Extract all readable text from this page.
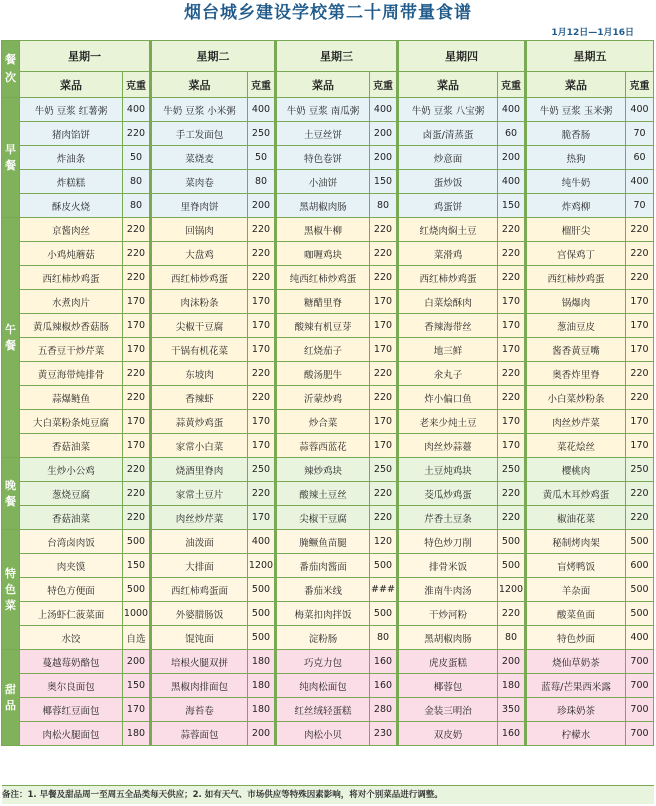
烟台城乡建设学校第二十周带量食谱
1月12日—1月16日
餐
次	星期一		星期二		星期三		星期四		星期五	
	菜品	克重	菜品	克重	菜品	克重	菜品	克重	菜品	克重
早
餐	牛奶 豆浆 红薯粥	400	牛奶 豆浆 小米粥	400	牛奶 豆浆 南瓜粥	400	牛奶 豆浆 八宝粥	400	牛奶 豆浆 玉米粥	400
	猪肉馅饼	220	手工发面包	250	土豆丝饼	200	卤蛋/清蒸蛋	60	脆香肠	70
	炸油条	50	菜烧麦	50	特色卷饼	200	炒意面	200	热狗	60
	炸糕糕	80	菜肉卷	80	小油饼	150	蛋炒饭	400	纯牛奶	400
	酥皮火烧	80	里脊肉饼	200	黑胡椒肉肠	80	鸡蛋饼	150	炸鸡柳	70
午
餐	京酱肉丝	220	回锅肉	220	黑椒牛柳	220	红烧肉焖土豆	220	榴肝尖	220
	小鸡炖蘑菇	220	大盘鸡	220	咖喱鸡块	220	菜滑鸡	220	宫保鸡丁	220
	西红柿炒鸡蛋	220	西红柿炒鸡蛋	220	纯西红柿炒鸡蛋	220	西红柿炒鸡蛋	220	西红柿炒鸡蛋	220
	水煮肉片	170	肉沫粉条	170	糖醋里脊	170	白菜烩酥肉	170	锅爆肉	170
	黄瓜辣椒炒香菇肠	170	尖椒干豆腐	170	酸辣有机豆芽	170	香辣海带丝	170	葱油豆皮	170
	五香豆干炒芹菜	170	干锅有机花菜	170	红烧茄子	170	地三鲜	170	酱香黄豆嘴	170
	黄豆海带炖排骨	220	东坡肉	220	酸汤肥牛	220	氽丸子	220	奥香炸里脊	220
	蒜爆鲢鱼	220	香辣虾	220	沂蒙炒鸡	220	炸小偏口鱼	220	小白菜炒粉条	220
	大白菜粉条炖豆腐	170	蒜黄炒鸡蛋	170	炒合菜	170	老来少炖土豆	170	肉丝炒芹菜	170
	香菇油菜	170	家常小白菜	170	蒜蓉西蓝花	170	肉丝炒蒜薹	170	菜花烩丝	170
晚
餐	生炒小公鸡	220	烧酒里脊肉	250	辣炒鸡块	250	土豆炖鸡块	250	樱桃肉	250
	葱烧豆腐	220	家常土豆片	220	酸辣土豆丝	220	茭瓜炒鸡蛋	220	黄瓜木耳炒鸡蛋	220
	香菇油菜	220	肉丝炒芹菜	170	尖椒干豆腐	220	芹香土豆条	220	椒油花菜	220
特
色
菜	台湾卤肉饭	500	油泼面	400	腌鳜鱼苗腿	120	特色炒刀削	500	秘制烤肉架	500
	肉夹馍	150	大排面	1200	番茄肉酱面	500	排骨米饭	500	盲烤鸭饭	600
	特色方便面	500	西红柿鸡蛋面	500	番茄米线	###	淮南牛肉汤	1200	羊杂面	500
	上汤虾仁菠菜面	1000	外婆腊肠饭	500	梅菜扣肉拌饭	500	干炒河粉	220	酸菜鱼面	500
	水饺	自选	馄饨面	500	淀粉肠	80	黑胡椒肉肠	80	特色炒面	400
甜
品	蔓越莓奶酪包	200	培根火腿双拼	180	巧克力包	160	虎皮蛋糕	200	烧仙草奶茶	700
	奥尔良面包	150	黑椒肉排面包	180	纯肉松面包	160	椰蓉包	180	蓝莓/芒果西米露	700
	椰蓉红豆面包	170	海苔卷	180	红丝绒轻蛋糕	280	金装三明治	350	珍珠奶茶	700
	肉松火腿面包	180	蒜蓉面包	200	肉松小贝	230	双皮奶	160	柠檬水	700
备注：1. 早餐及甜品周一至周五全品类每天供应；2. 如有天气、市场供应等特殊因素影响，将对个别菜品进行调整。
